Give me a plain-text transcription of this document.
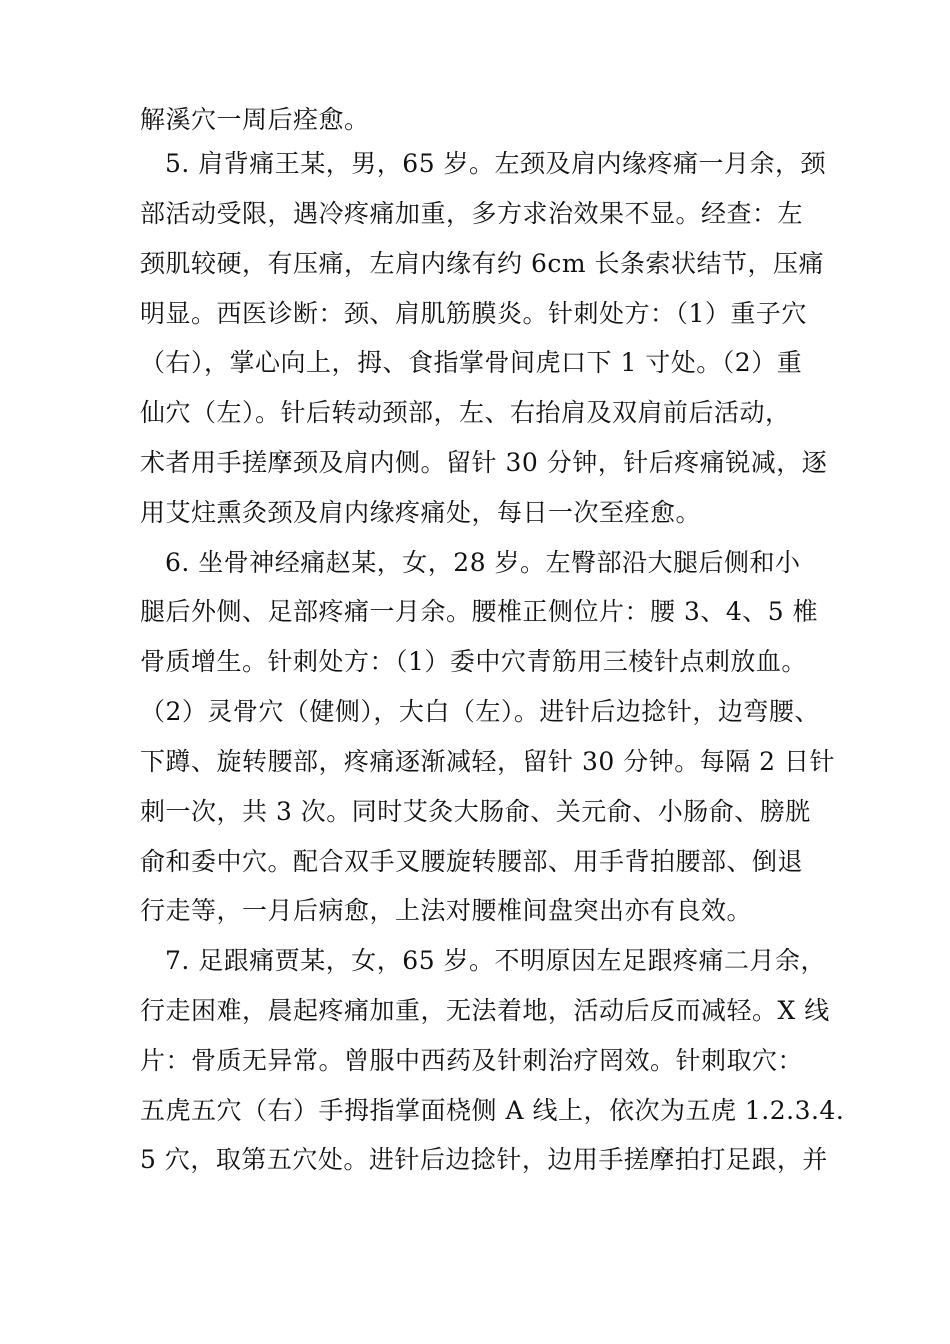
解溪穴一周后痊愈。
5. 肩背痛王某，男，65 岁。左颈及肩内缘疼痛一月余，颈
部活动受限，遇冷疼痛加重，多方求治效果不显。经查：左
颈肌较硬，有压痛，左肩内缘有约 6cm 长条索状结节，压痛
明显。西医诊断：颈、肩肌筋膜炎。针刺处方：（1）重子穴
（右），掌心向上，拇、食指掌骨间虎口下 1 寸处。（2）重
仙穴（左）。针后转动颈部，左、右抬肩及双肩前后活动，
术者用手搓摩颈及肩内侧。留针 30 分钟，针后疼痛锐减，逐
用艾炷熏灸颈及肩内缘疼痛处，每日一次至痊愈。
6. 坐骨神经痛赵某，女，28 岁。左臀部沿大腿后侧和小
腿后外侧、足部疼痛一月余。腰椎正侧位片：腰 3、4、5 椎
骨质增生。针刺处方：（1）委中穴青筋用三棱针点刺放血。
（2）灵骨穴（健侧），大白（左）。进针后边捻针，边弯腰、
下蹲、旋转腰部，疼痛逐渐减轻，留针 30 分钟。每隔 2 日针
刺一次，共 3 次。同时艾灸大肠俞、关元俞、小肠俞、膀胱
俞和委中穴。配合双手叉腰旋转腰部、用手背拍腰部、倒退
行走等，一月后病愈，上法对腰椎间盘突出亦有良效。
7. 足跟痛贾某，女，65 岁。不明原因左足跟疼痛二月余，
行走困难，晨起疼痛加重，无法着地，活动后反而减轻。X 线
片：骨质无异常。曾服中西药及针刺治疗罔效。针刺取穴：
五虎五穴（右）手拇指掌面桡侧 A 线上，依次为五虎 1.2.3.4.
5 穴，取第五穴处。进针后边捻针，边用手搓摩拍打足跟，并
